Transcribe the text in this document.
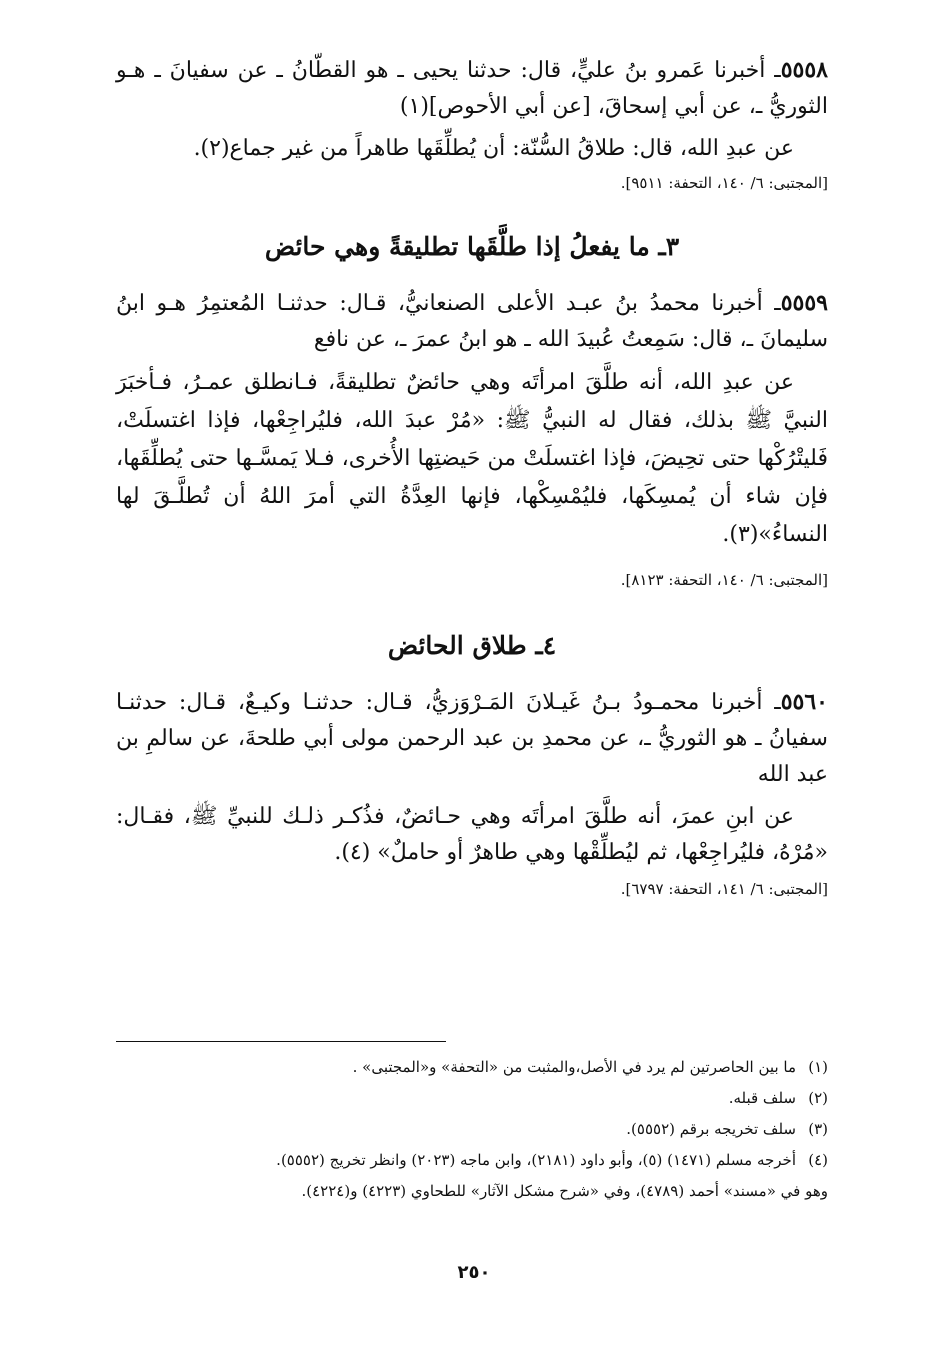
٥٥٥٨ـ أخبرنا عَمرو بنُ عليٍّ، قال: حدثنا يحيى ـ هو القطّانُ ـ عن سفيانَ ـ هـو الثوريُّ ـ، عن أبي إسحاقَ، [عن أبي الأحوص](١)

عن عبدِ الله، قال: طلاقُ السُّنّة: أن يُطلِّقَها طاهراً من غير جماع(٢).

[المجتبى: ٦/ ١٤٠، التحفة: ٩٥١١].

٣ـ ما يفعلُ إذا طلَّقَها تطليقةً وهي حائض

٥٥٥٩ـ أخبرنا محمدُ بنُ عبـد الأعلى الصنعانيُّ، قـال: حدثنـا المُعتمِرُ هـو ابنُ سليمانَ ـ، قال: سَمِعتُ عُبيدَ الله ـ هو ابنُ عمرَ ـ، عن نافع

عن عبدِ الله، أنه طلَّقَ امرأتَه وهي حائضٌ تطليقةً، فـانطلق عمـرُ، فـأخبَرَ النبيَّ ﷺ بذلك، فقال له النبيُّ ﷺ: «مُرْ عبدَ الله، فليُراجِعْها، فإذا اغتسلَتْ، فَليتْرُكْها حتى تحِيضَ، فإذا اغتسلَتْ من حَيضتِها الأُخرى، فـلا يَمسَّـها حتى يُطلِّقَها، فإن شاء أن يُمسِكَها، فليُمْسِكْها، فإنها العِدَّةُ التي أمرَ اللهُ أن تُطلَّـقَ لها النساءُ»(٣).

[المجتبى: ٦/ ١٤٠، التحفة: ٨١٢٣].

٤ـ طلاق الحائض

٥٥٦٠ـ أخبرنا محمـودُ بـنُ غَيـلانَ المَـرْوَزيُّ، قـال: حدثنـا وكيـعٌ، قـال: حدثنـا سفيانُ ـ هو الثوريُّ ـ، عن محمدِ بن عبد الرحمن مولى أبي طلحةَ، عن سالمِ بن عبد الله

عن ابنِ عمرَ، أنه طلَّقَ امرأتَه وهي حـائضٌ، فذُكـر ذلـك للنبيِّ ﷺ، فقـال: «مُرْهُ، فليُراجِعْها، ثم ليُطلِّقْها وهي طاهرٌ أو حاملٌ» (٤).

[المجتبى: ٦/ ١٤١، التحفة: ٦٧٩٧].

(١)ما بين الحاصرتين لم يرد في الأصل،والمثبت من «التحفة» و«المجتبى» .

(٢)سلف قبله.

(٣)سلف تخريجه برقم (٥٥٥٢).

(٤)أخرجه مسلم (١٤٧١) (٥)، وأبو داود (٢١٨١)، وابن ماجه (٢٠٢٣) وانظر تخريج (٥٥٥٢).

وهو في «مسند» أحمد (٤٧٨٩)، وفي «شرح مشكل الآثار» للطحاوي (٤٢٢٣) و(٤٢٢٤).

٢٥٠
